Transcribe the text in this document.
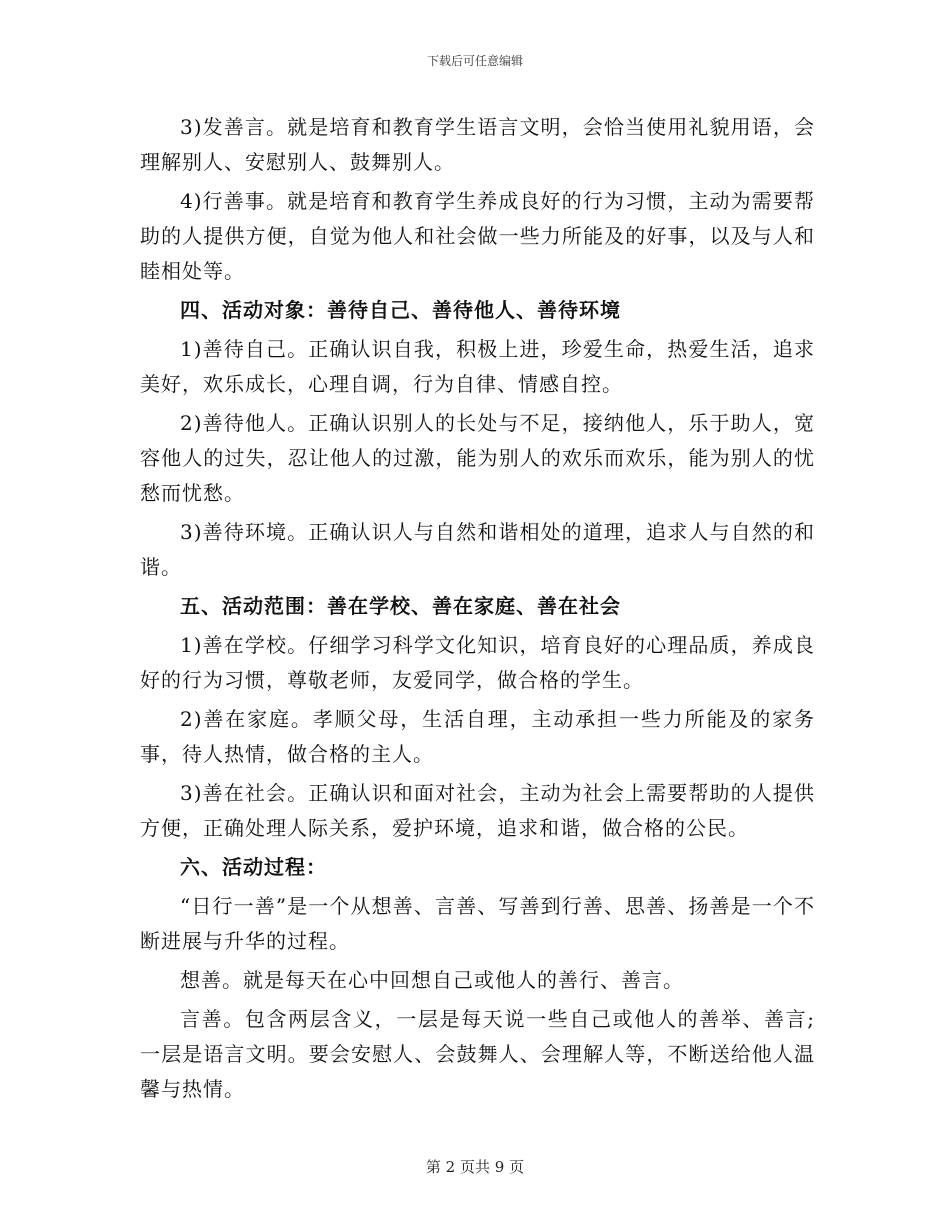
下载后可任意编辑

3)发善言。就是培育和教育学生语言文明，会恰当使用礼貌用语，会理解别人、安慰别人、鼓舞别人。

4)行善事。就是培育和教育学生养成良好的行为习惯，主动为需要帮助的人提供方便，自觉为他人和社会做一些力所能及的好事，以及与人和睦相处等。

四、活动对象：善待自己、善待他人、善待环境

1)善待自己。正确认识自我，积极上进，珍爱生命，热爱生活，追求美好，欢乐成长，心理自调，行为自律、情感自控。

2)善待他人。正确认识别人的长处与不足，接纳他人，乐于助人，宽容他人的过失，忍让他人的过激，能为别人的欢乐而欢乐，能为别人的忧愁而忧愁。

3)善待环境。正确认识人与自然和谐相处的道理，追求人与自然的和谐。

五、活动范围：善在学校、善在家庭、善在社会

1)善在学校。仔细学习科学文化知识，培育良好的心理品质，养成良好的行为习惯，尊敬老师，友爱同学，做合格的学生。

2)善在家庭。孝顺父母，生活自理，主动承担一些力所能及的家务事，待人热情，做合格的主人。

3)善在社会。正确认识和面对社会，主动为社会上需要帮助的人提供方便，正确处理人际关系，爱护环境，追求和谐，做合格的公民。

六、活动过程：

“日行一善”是一个从想善、言善、写善到行善、思善、扬善是一个不断进展与升华的过程。

想善。就是每天在心中回想自己或他人的善行、善言。

言善。包含两层含义，一层是每天说一些自己或他人的善举、善言;一层是语言文明。要会安慰人、会鼓舞人、会理解人等，不断送给他人温馨与热情。

第 2 页共 9 页
